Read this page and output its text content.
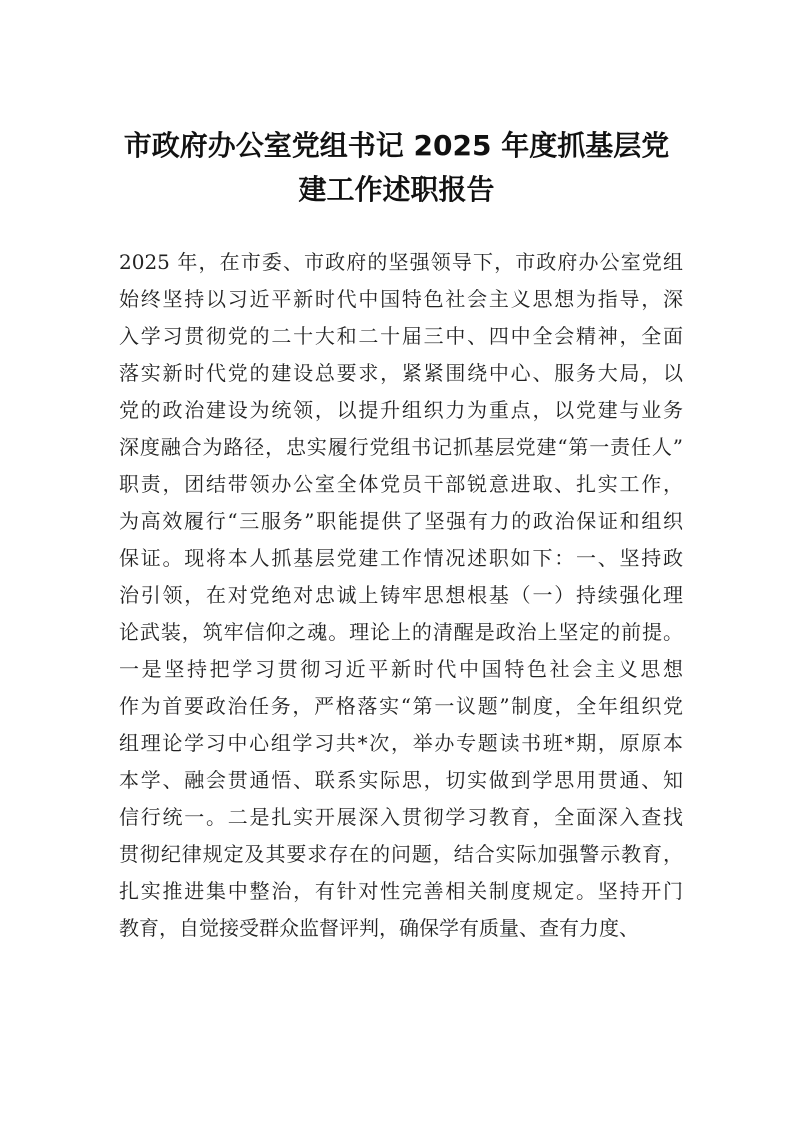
市政府办公室党组书记 2025 年度抓基层党
建工作述职报告
2025 年，在市委、市政府的坚强领导下，市政府办公室党组
始终坚持以习近平新时代中国特色社会主义思想为指导，深
入学习贯彻党的二十大和二十届三中、四中全会精神，全面
落实新时代党的建设总要求，紧紧围绕中心、服务大局，以
党的政治建设为统领，以提升组织力为重点，以党建与业务
深度融合为路径，忠实履行党组书记抓基层党建“第一责任人”
职责，团结带领办公室全体党员干部锐意进取、扎实工作，
为高效履行“三服务”职能提供了坚强有力的政治保证和组织
保证。现将本人抓基层党建工作情况述职如下：一、坚持政
治引领，在对党绝对忠诚上铸牢思想根基（一）持续强化理
论武装，筑牢信仰之魂。理论上的清醒是政治上坚定的前提。
一是坚持把学习贯彻习近平新时代中国特色社会主义思想
作为首要政治任务，严格落实“第一议题”制度，全年组织党
组理论学习中心组学习共*次，举办专题读书班*期，原原本
本学、融会贯通悟、联系实际思，切实做到学思用贯通、知
信行统一。二是扎实开展深入贯彻学习教育，全面深入查找
贯彻纪律规定及其要求存在的问题，结合实际加强警示教育，
扎实推进集中整治，有针对性完善相关制度规定。坚持开门
教育，自觉接受群众监督评判，确保学有质量、查有力度、
